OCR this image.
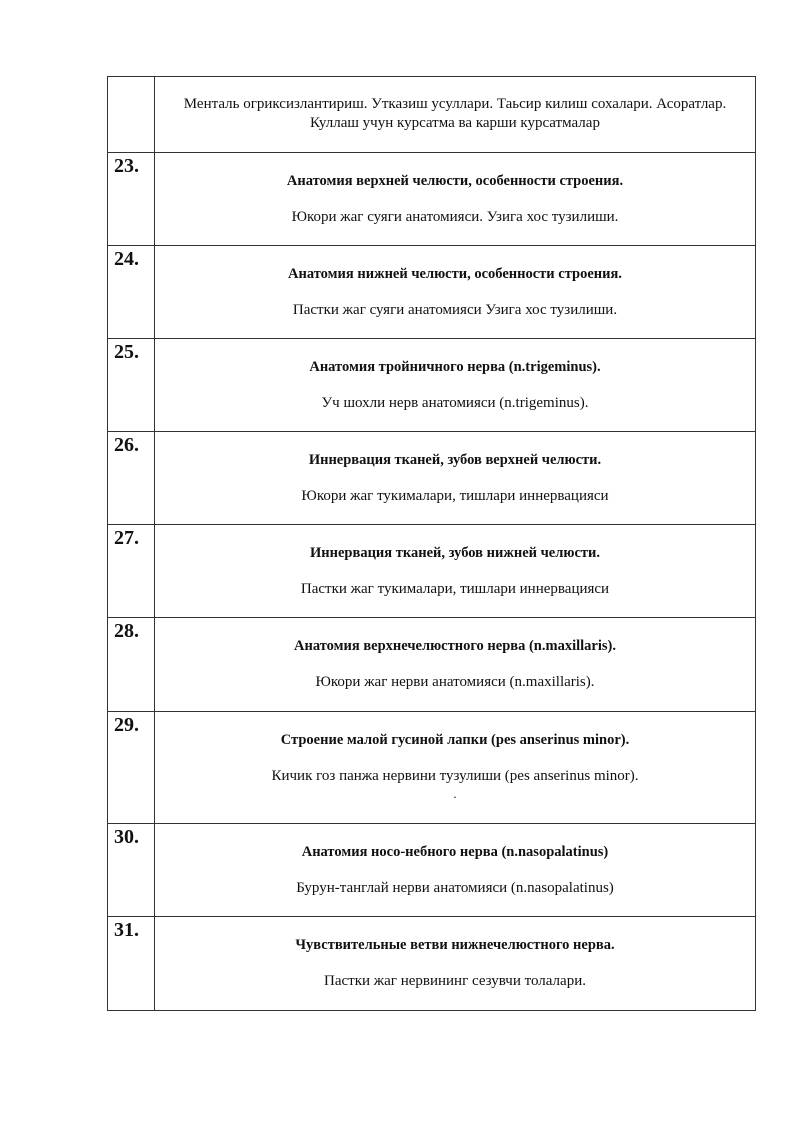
	Менталь огриксизлантириш. Утказиш усуллари. Таьсир килиш сохалари. Асоратлар. Куллаш учун курсатма ва карши курсатмалар

23.	Анатомия верхней челюсти, особенности строения.
Юкори жаг суяги анатомияси. Узига хос тузилиши.

24.	Анатомия нижней челюсти, особенности строения.
Пастки жаг суяги анатомияси Узига хос тузилиши.

25.	Анатомия тройничного нерва (n.trigeminus).
Уч шохли нерв анатомияси (n.trigeminus).

26.	Иннервация тканей, зубов верхней челюсти.
Юкори жаг тукималари, тишлари иннервацияси

27.	Иннервация тканей, зубов нижней челюсти.
Пастки жаг тукималари, тишлари иннервацияси

28.	Анатомия верхнечелюстного нерва (n.maxillaris).
Юкори жаг нерви анатомияси (n.maxillaris).

29.	Строение малой гусиной лапки (pes anserinus minor).
Кичик гоз панжа нервини тузулиши (pes anserinus minor).
.

30.	Анатомия носо-небного нерва (n.nasopalatinus)
Бурун-танглай нерви анатомияси (n.nasopalatinus)

31.	Чувствительные ветви нижнечелюстного нерва.
Пастки жаг нервининг сезувчи толалари.
